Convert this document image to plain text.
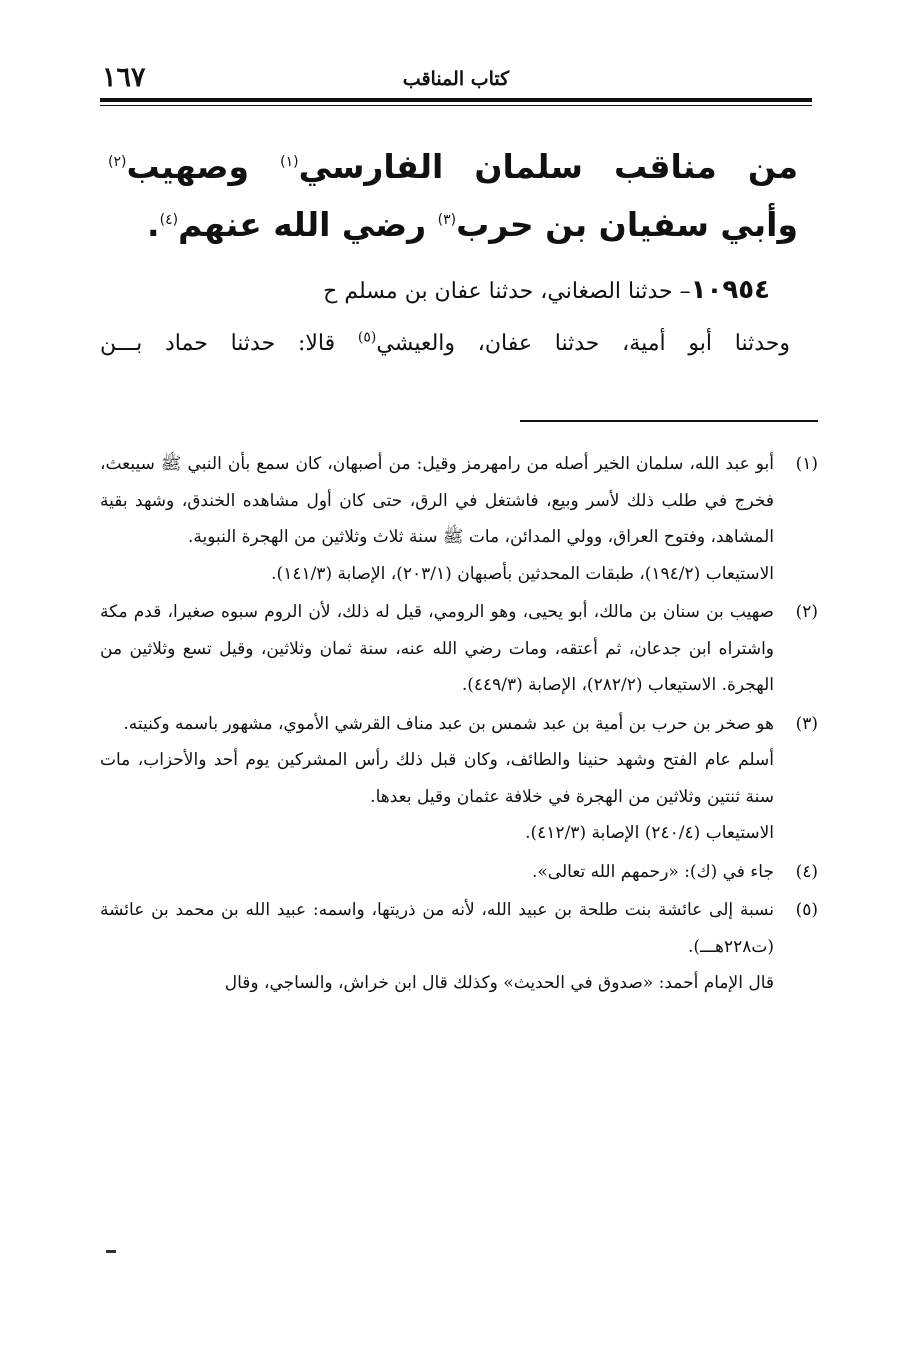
كتاب المناقب
١٦٧
من مناقب سلمان الفارسي$^{(١)}$ وصهيب$^{(٢)}$ وأبي سفيان بن حرب$^{(٣)}$ رضي الله عنهم$^{(٤)}$.
١٠٩٥٤– حدثنا الصغاني، حدثنا عفان بن مسلم ح
وحدثنا أبو أمية، حدثنا عفان، والعيشي$^{(٥)}$ قالا: حدثنا حماد بـــن
(١)
أبو عبد الله، سلمان الخير أصله من رامهرمز وقيل: من أصبهان، كان سمع بأن النبي ﷺ سيبعث، فخرج في طلب ذلك لأسر وبيع، فاشتغل في الرق، حتى كان أول مشاهده الخندق، وشهد بقية المشاهد، وفتوح العراق، وولي المدائن، مات ﷺ سنة ثلاث وثلاثين من الهجرة النبوية.
الاستيعاب (١٩٤/٢)، طبقات المحدثين بأصبهان (٢٠٣/١)، الإصابة (١٤١/٣).
(٢)
صهيب بن سنان بن مالك، أبو يحيى، وهو الرومي، قيل له ذلك، لأن الروم سبوه صغيرا، قدم مكة واشتراه ابن جدعان، ثم أعتقه، ومات رضي الله عنه، سنة ثمان وثلاثين، وقيل تسع وثلاثين من الهجرة. الاستيعاب (٢٨٢/٢)، الإصابة (٤٤٩/٣).
(٣)
هو صخر بن حرب بن أمية بن عبد شمس بن عبد مناف القرشي الأموي، مشهور باسمه وكنيته.
أسلم عام الفتح وشهد حنينا والطائف، وكان قبل ذلك رأس المشركين يوم أحد والأحزاب، مات سنة ثنتين وثلاثين من الهجرة في خلافة عثمان وقيل بعدها.
الاستيعاب (٢٤٠/٤) الإصابة (٤١٢/٣).
(٤)
جاء في (ك): «رحمهم الله تعالى».
(٥)
نسبة إلى عائشة بنت طلحة بن عبيد الله، لأنه من ذريتها، واسمه: عبيد الله بن محمد بن عائشة (ت٢٢٨هـــ).
قال الإمام أحمد: «صدوق في الحديث» وكذلك قال ابن خراش، والساجي، وقال
